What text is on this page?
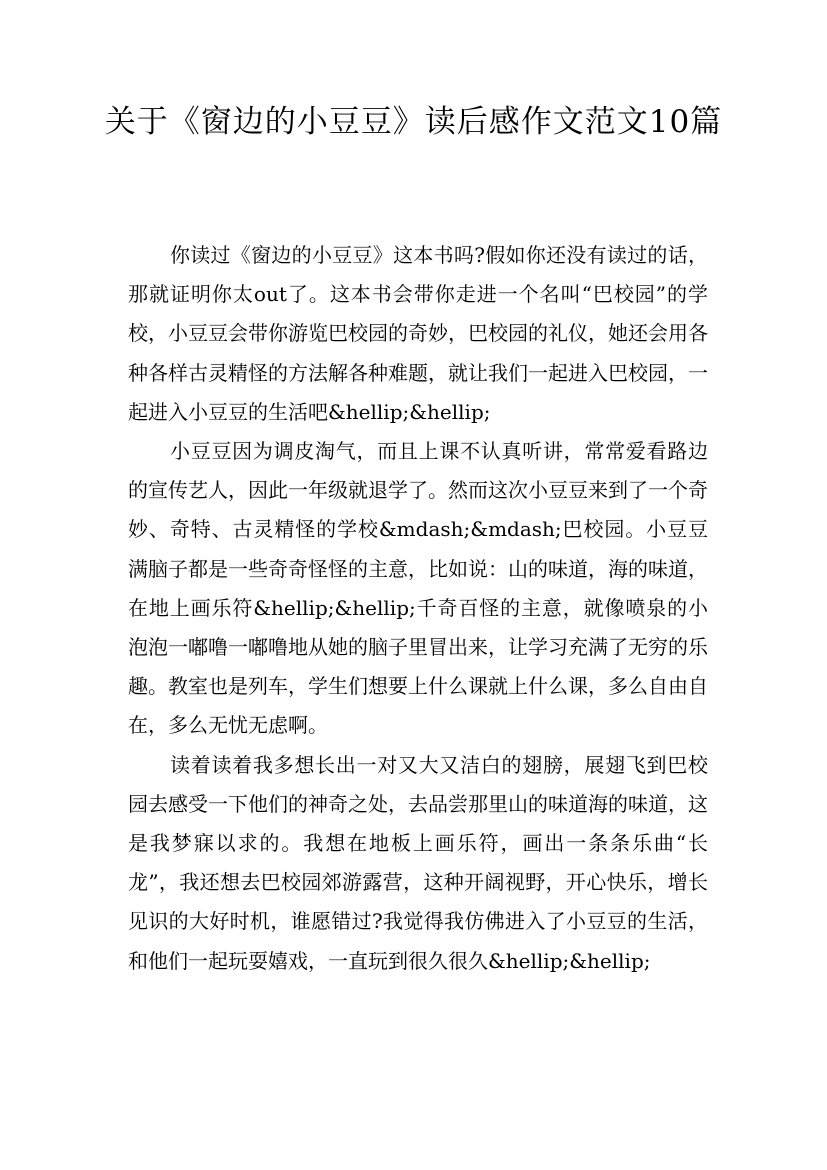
关于《窗边的小豆豆》读后感作文范文10篇

你读过《窗边的小豆豆》这本书吗?假如你还没有读过的话，那就证明你太out了。这本书会带你走进一个名叫“巴校园”的学校，小豆豆会带你游览巴校园的奇妙，巴校园的礼仪，她还会用各种各样古灵精怪的方法解各种难题，就让我们一起进入巴校园，一起进入小豆豆的生活吧&hellip;&hellip;

小豆豆因为调皮淘气，而且上课不认真听讲，常常爱看路边的宣传艺人，因此一年级就退学了。然而这次小豆豆来到了一个奇妙、奇特、古灵精怪的学校&mdash;&mdash;巴校园。小豆豆满脑子都是一些奇奇怪怪的主意，比如说：山的味道，海的味道，在地上画乐符&hellip;&hellip;千奇百怪的主意，就像喷泉的小泡泡一嘟噜一嘟噜地从她的脑子里冒出来，让学习充满了无穷的乐趣。教室也是列车，学生们想要上什么课就上什么课，多么自由自在，多么无忧无虑啊。

读着读着我多想长出一对又大又洁白的翅膀，展翅飞到巴校园去感受一下他们的神奇之处，去品尝那里山的味道海的味道，这是我梦寐以求的。我想在地板上画乐符，画出一条条乐曲“长龙”，我还想去巴校园郊游露营，这种开阔视野，开心快乐，增长见识的大好时机，谁愿错过?我觉得我仿佛进入了小豆豆的生活，和他们一起玩耍嬉戏，一直玩到很久很久&hellip;&hellip;
